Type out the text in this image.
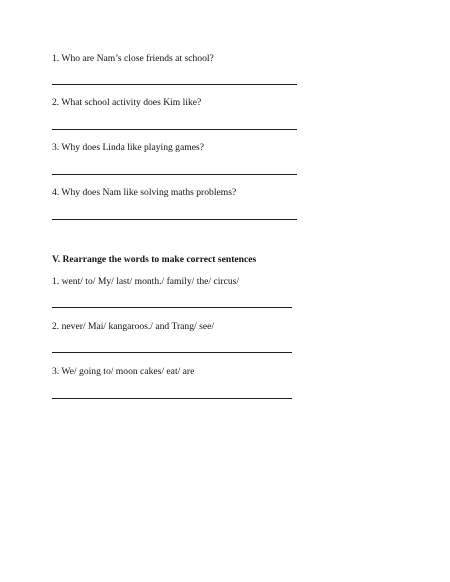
1. Who are Nam’s close friends at school?
2. What school activity does Kim like?
3. Why does Linda like playing games?
4. Why does Nam like solving maths problems?
V. Rearrange the words to make correct sentences
1. went/ to/ My/ last/ month./ family/ the/ circus/
2. never/ Mai/ kangaroos./ and Trang/ see/
3. We/ going to/ moon cakes/ eat/ are
